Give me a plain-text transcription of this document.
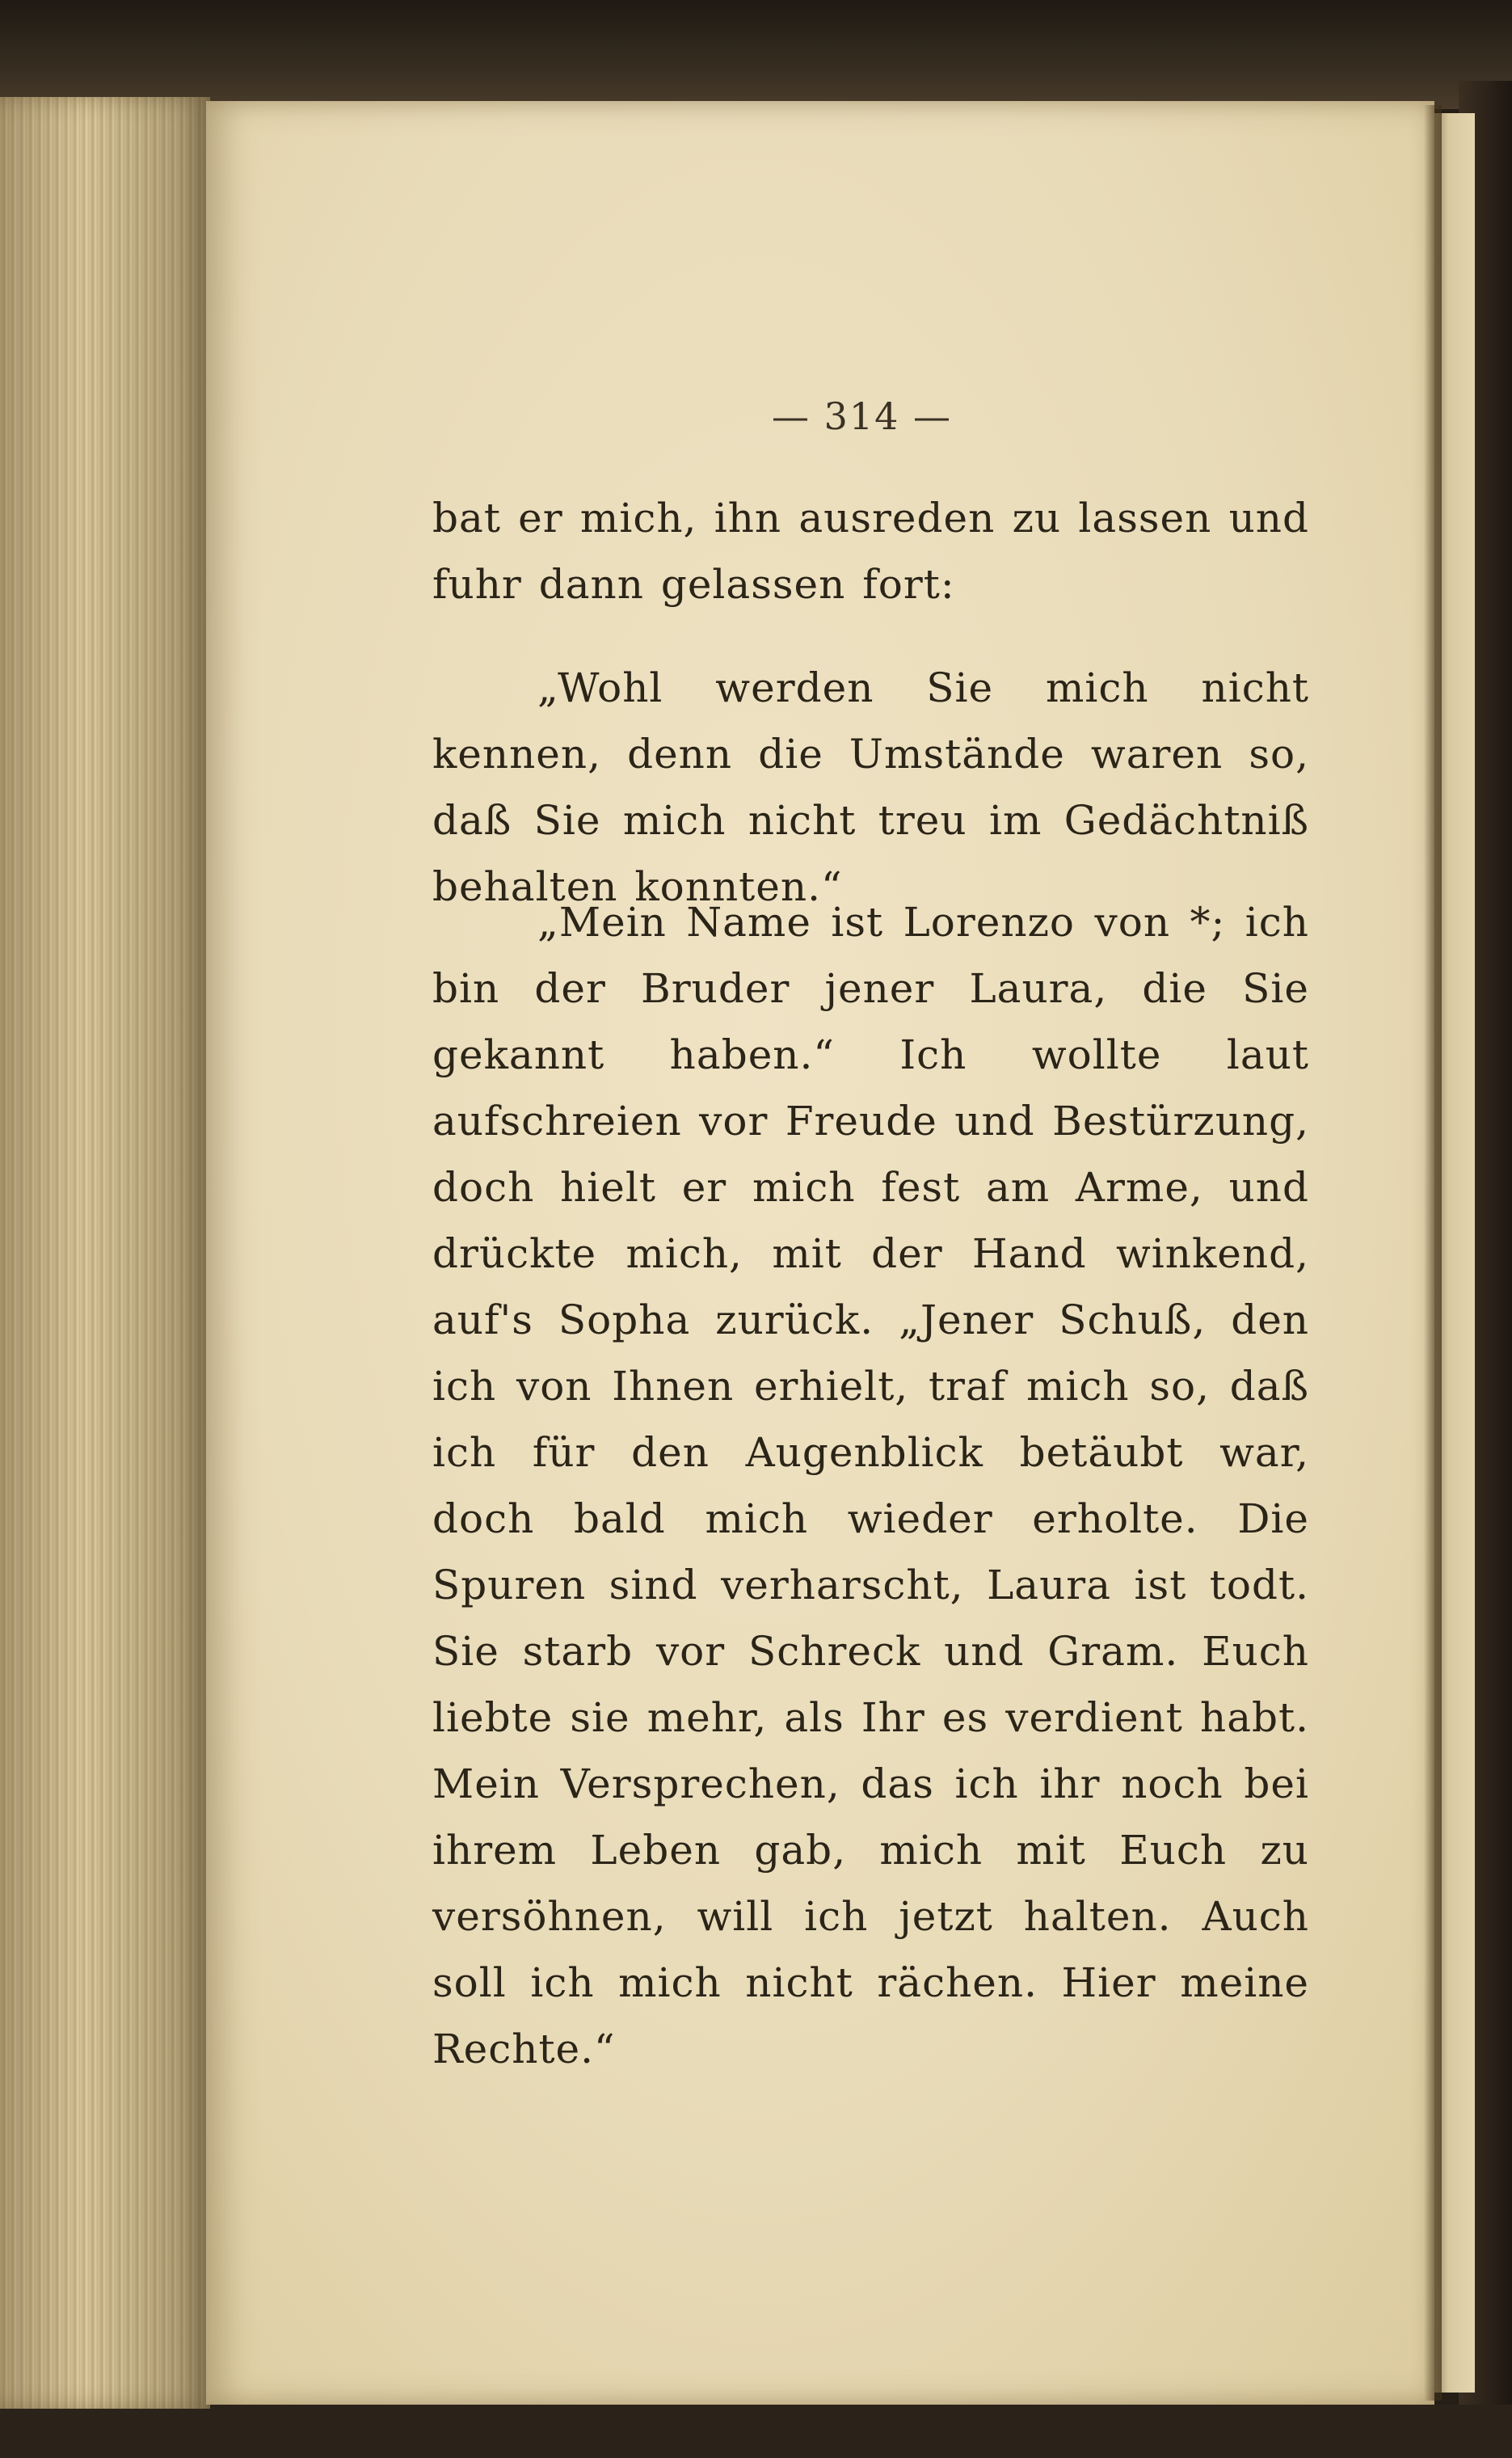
— 314 —

bat er mich, ihn ausreden zu lassen und fuhr dann gelassen fort:

„Wohl werden Sie mich nicht kennen, denn die Umstände waren so, daß Sie mich nicht treu im Gedächtniß behalten konnten.“

„Mein Name ist Lorenzo von *; ich bin der Bruder jener Laura, die Sie gekannt haben.“ Ich wollte laut aufschreien vor Freude und Bestürzung, doch hielt er mich fest am Arme, und drückte mich, mit der Hand winkend, auf's Sopha zurück. „Jener Schuß, den ich von Ihnen erhielt, traf mich so, daß ich für den Augenblick betäubt war, doch bald mich wieder erholte. Die Spuren sind verharscht, Laura ist todt. Sie starb vor Schreck und Gram. Euch liebte sie mehr, als Ihr es verdient habt. Mein Versprechen, das ich ihr noch bei ihrem Leben gab, mich mit Euch zu versöhnen, will ich jetzt halten. Auch soll ich mich nicht rächen. Hier meine Rechte.“
